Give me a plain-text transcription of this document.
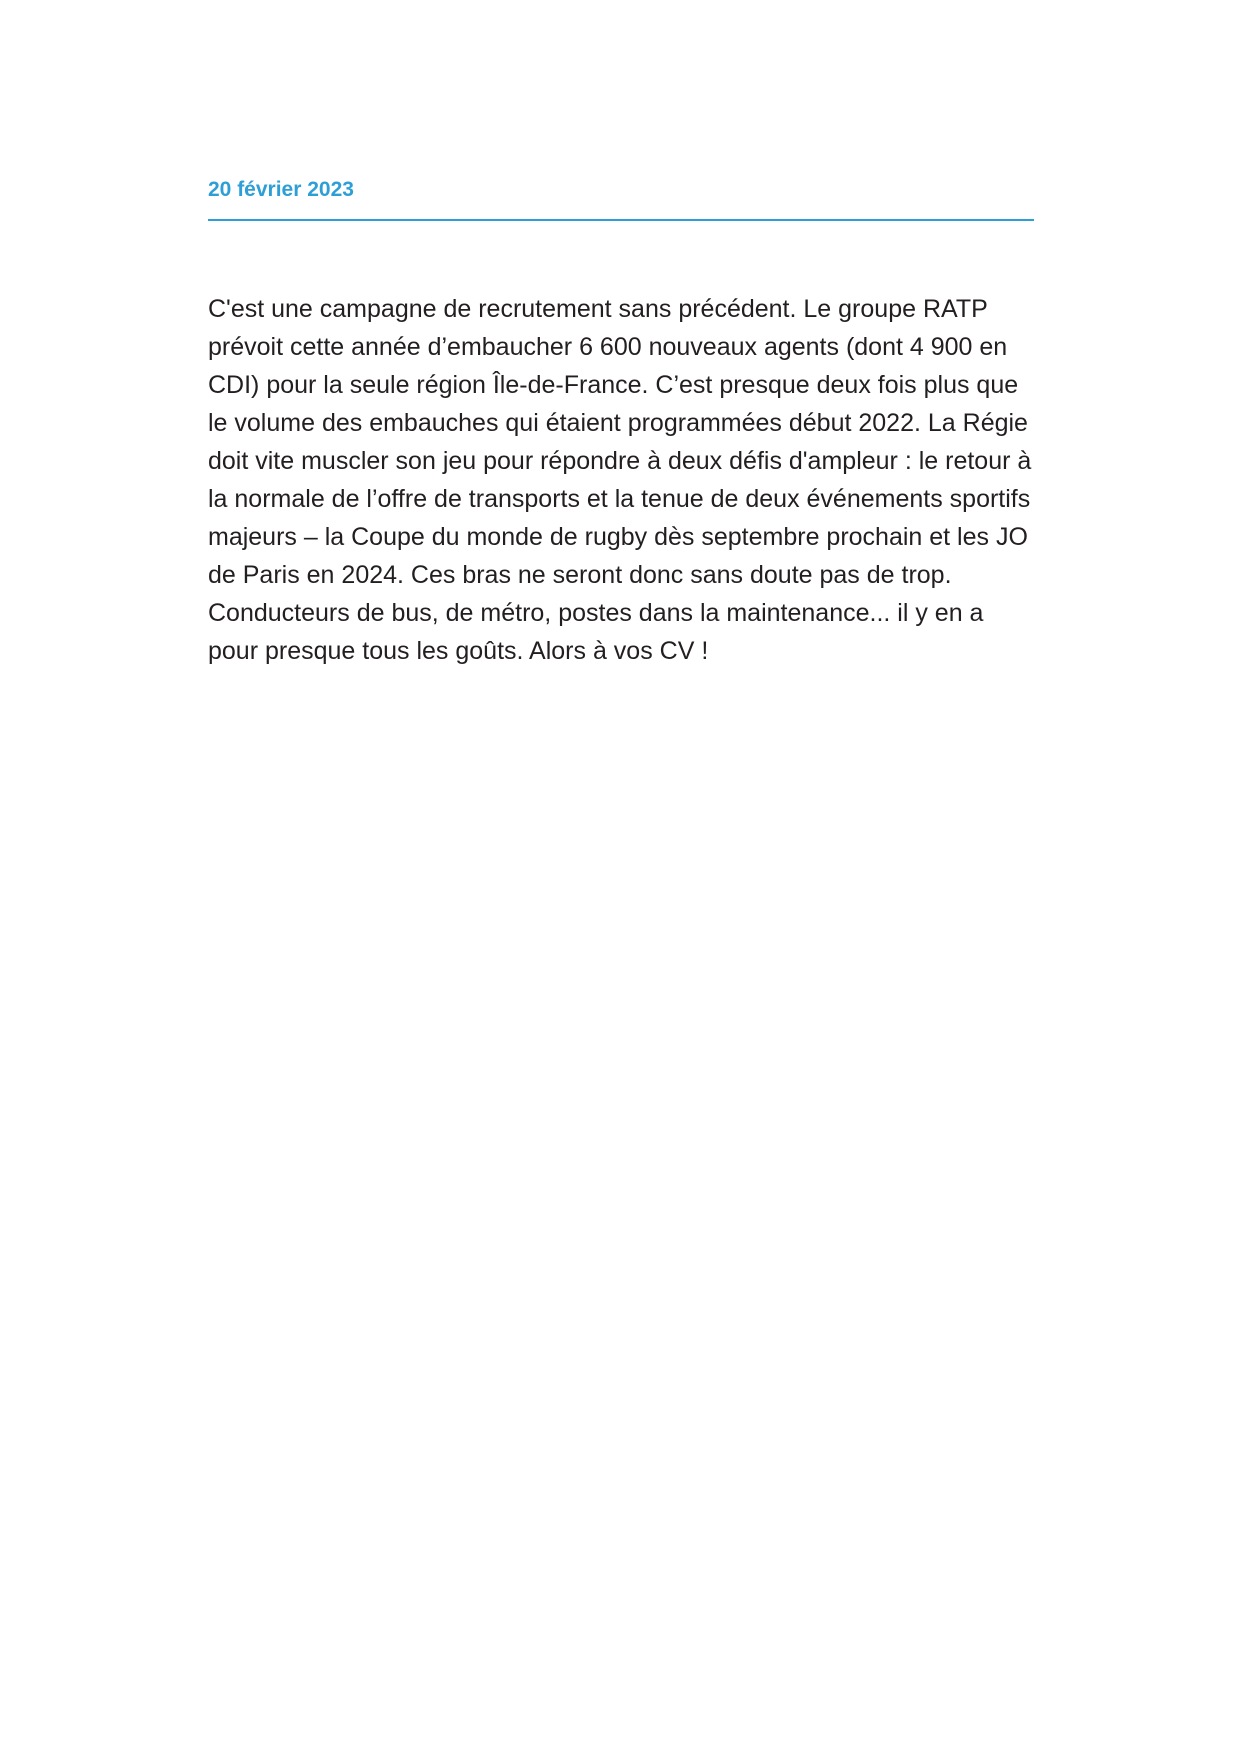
20 février 2023
C'est une campagne de recrutement sans précédent. Le groupe RATP
prévoit cette année d’embaucher 6 600 nouveaux agents (dont 4 900 en
CDI) pour la seule région Île-de-France. C’est presque deux fois plus que
le volume des embauches qui étaient programmées début 2022. La Régie
doit vite muscler son jeu pour répondre à deux défis d'ampleur : le retour à
la normale de l’offre de transports et la tenue de deux événements sportifs
majeurs – la Coupe du monde de rugby dès septembre prochain et les JO
de Paris en 2024. Ces bras ne seront donc sans doute pas de trop.
Conducteurs de bus, de métro, postes dans la maintenance... il y en a
pour presque tous les goûts. Alors à vos CV !
